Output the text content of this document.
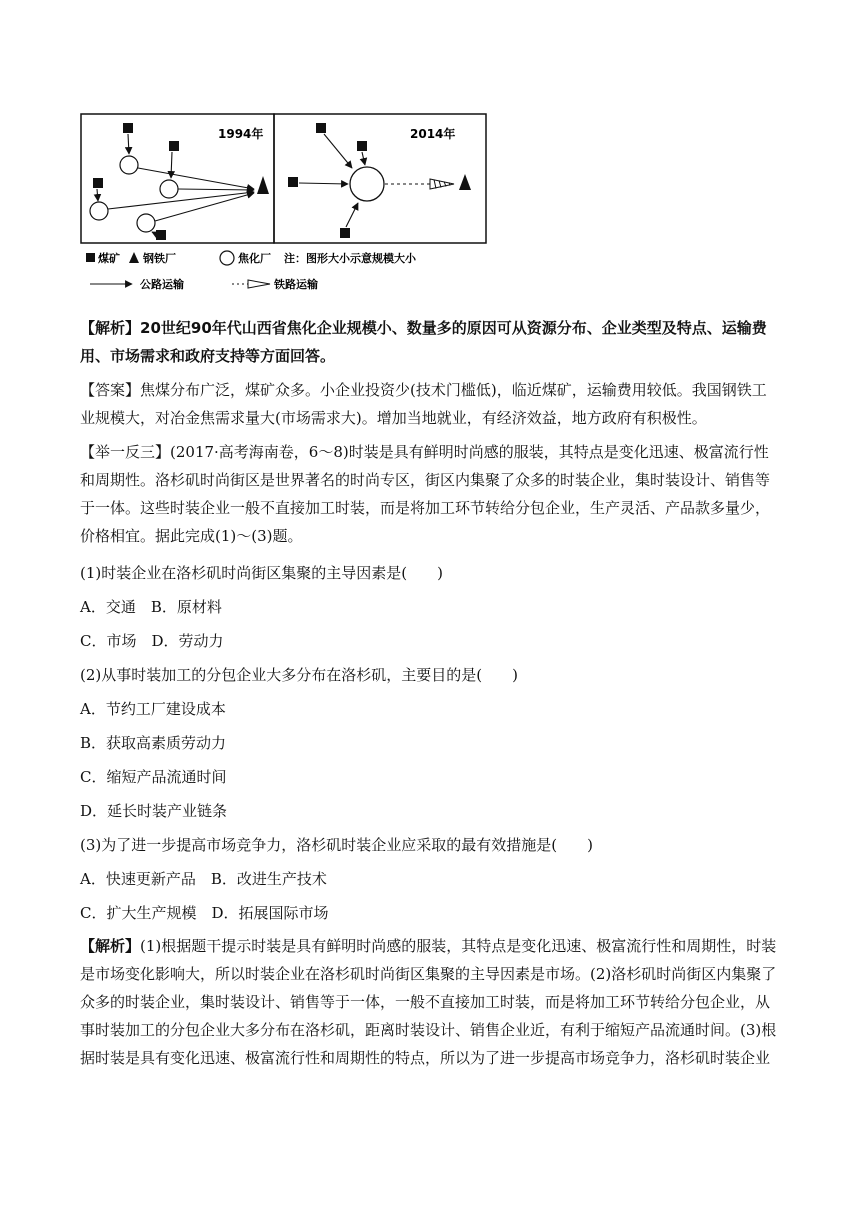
1994年	2014年
煤矿 钢铁厂	焦化厂 注：图形大小示意规模大小
公路运输	铁路运输

【解析】20世纪90年代山西省焦化企业规模小、数量多的原因可从资源分布、企业类型及特点、运输费用、市场需求和政府支持等方面回答。

【答案】焦煤分布广泛，煤矿众多。小企业投资少(技术门槛低)，临近煤矿，运输费用较低。我国钢铁工业规模大，对冶金焦需求量大(市场需求大)。增加当地就业，有经济效益，地方政府有积极性。

【举一反三】(2017·高考海南卷，6～8)时装是具有鲜明时尚感的服装，其特点是变化迅速、极富流行性和周期性。洛杉矶时尚街区是世界著名的时尚专区，街区内集聚了众多的时装企业，集时装设计、销售等于一体。这些时装企业一般不直接加工时装，而是将加工环节转给分包企业，生产灵活、产品款多量少，价格相宜。据此完成(1)～(3)题。

(1)时装企业在洛杉矶时尚街区集聚的主导因素是(　　)

A．交通　B．原材料

C．市场　D．劳动力

(2)从事时装加工的分包企业大多分布在洛杉矶，主要目的是(　　)

A．节约工厂建设成本

B．获取高素质劳动力

C．缩短产品流通时间

D．延长时装产业链条

(3)为了进一步提高市场竞争力，洛杉矶时装企业应采取的最有效措施是(　　)

A．快速更新产品　B．改进生产技术

C．扩大生产规模　D．拓展国际市场

【解析】(1)根据题干提示时装是具有鲜明时尚感的服装，其特点是变化迅速、极富流行性和周期性，时装是市场变化影响大，所以时装企业在洛杉矶时尚街区集聚的主导因素是市场。(2)洛杉矶时尚街区内集聚了众多的时装企业，集时装设计、销售等于一体，一般不直接加工时装，而是将加工环节转给分包企业，从事时装加工的分包企业大多分布在洛杉矶，距离时装设计、销售企业近，有利于缩短产品流通时间。(3)根据时装是具有变化迅速、极富流行性和周期性的特点，所以为了进一步提高市场竞争力，洛杉矶时装企业
